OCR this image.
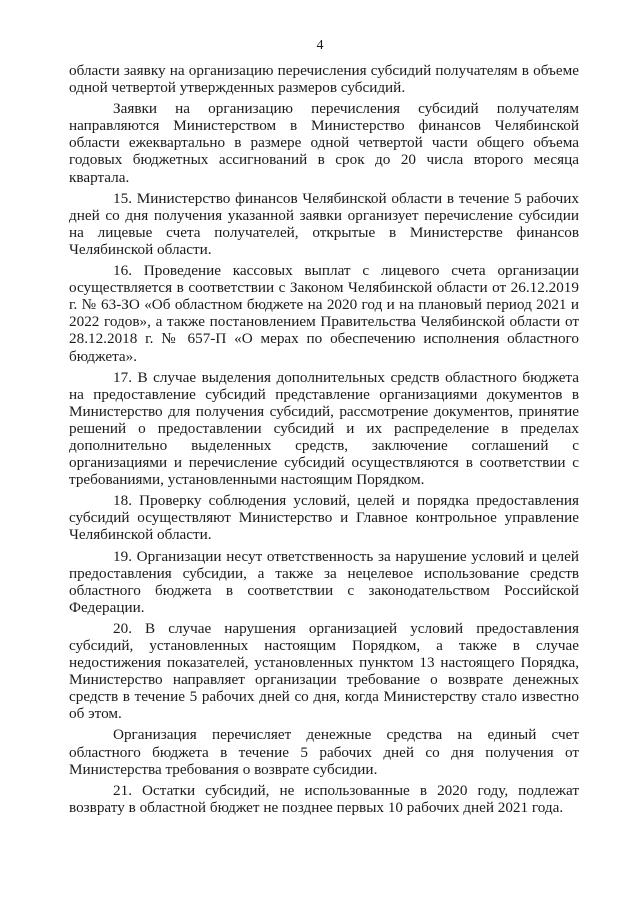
4

области заявку на организацию перечисления субсидий получателям в объеме одной четвертой утвержденных размеров субсидий.

Заявки на организацию перечисления субсидий получателям направляются Министерством в Министерство финансов Челябинской области ежеквартально в размере одной четвертой части общего объема годовых бюджетных ассигнований в срок до 20 числа второго месяца квартала.

15. Министерство финансов Челябинской области в течение 5 рабочих дней со дня получения указанной заявки организует перечисление субсидии на лицевые счета получателей, открытые в Министерстве финансов Челябинской области.

16. Проведение кассовых выплат с лицевого счета организации осуществляется в соответствии с Законом Челябинской области от 26.12.2019 г. № 63-ЗО «Об областном бюджете на 2020 год и на плановый период 2021 и 2022 годов», а также постановлением Правительства Челябинской области от 28.12.2018 г. № 657-П «О мерах по обеспечению исполнения областного бюджета».

17. В случае выделения дополнительных средств областного бюджета на предоставление субсидий представление организациями документов в Министерство для получения субсидий, рассмотрение документов, принятие решений о предоставлении субсидий и их распределение в пределах дополнительно выделенных средств, заключение соглашений с организациями и перечисление субсидий осуществляются в соответствии с требованиями, установленными настоящим Порядком.

18. Проверку соблюдения условий, целей и порядка предоставления субсидий осуществляют Министерство и Главное контрольное управление Челябинской области.

19. Организации несут ответственность за нарушение условий и целей предоставления субсидии, а также за нецелевое использование средств областного бюджета в соответствии с законодательством Российской Федерации.

20. В случае нарушения организацией условий предоставления субсидий, установленных настоящим Порядком, а также в случае недостижения показателей, установленных пунктом 13 настоящего Порядка, Министерство направляет организации требование о возврате денежных средств в течение 5 рабочих дней со дня, когда Министерству стало известно об этом.

Организация перечисляет денежные средства на единый счет областного бюджета в течение 5 рабочих дней со дня получения от Министерства требования о возврате субсидии.

21. Остатки субсидий, не использованные в 2020 году, подлежат возврату в областной бюджет не позднее первых 10 рабочих дней 2021 года.
